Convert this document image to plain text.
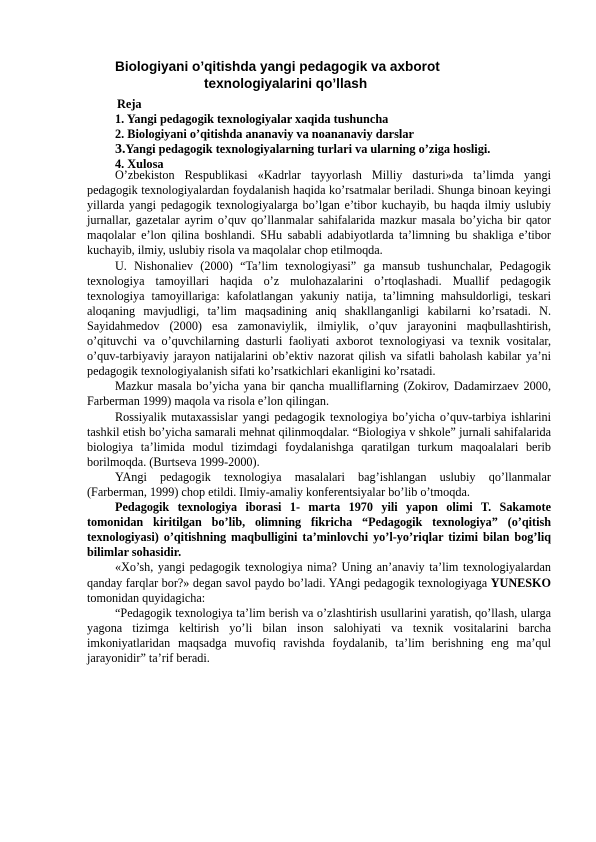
Biologiyani o’qitishda yangi pedagogik va axborot
texnologiyalarini qo’llash
Reja
1. Yangi pedagogik texnologiyalar xaqida tushuncha
2. Biologiyani o’qitishda ananaviy va noananaviy darslar
3.Yangi pedagogik texnologiyalarning turlari va ularning o’ziga hosligi.
4. Xulosa

O’zbekiston Respublikasi «Kadrlar tayyorlash Milliy dasturi»da ta’limda yangi pedagogik texnologiyalardan foydalanish haqida ko’rsatmalar beriladi. Shunga binoan keyingi yillarda yangi pedagogik texnologiyalarga bo’lgan e’tibor kuchayib, bu haqda ilmiy uslubiy jurnallar, gazetalar ayrim o’quv qo’llanmalar sahifalarida mazkur masala bo’yicha bir qator maqolalar e’lon qilina boshlandi. SHu sababli adabiyotlarda ta’limning bu shakliga e’tibor kuchayib, ilmiy, uslubiy risola va maqolalar chop etilmoqda.

U. Nishonaliev (2000) “Ta’lim texnologiyasi” ga mansub tushunchalar, Pedagogik texnologiya tamoyillari haqida o’z mulohazalarini o’rtoqlashadi. Muallif pedagogik texnologiya tamoyillariga: kafolatlangan yakuniy natija, ta’limning mahsuldorligi, teskari aloqaning mavjudligi, ta’lim maqsadining aniq shakllanganligi kabilarni ko’rsatadi. N. Sayidahmedov (2000) esa zamonaviylik, ilmiylik, o’quv jarayonini maqbullashtirish, o’qituvchi va o’quvchilarning dasturli faoliyati axborot texnologiyasi va texnik vositalar, o’quv-tarbiyaviy jarayon natijalarini ob’ektiv nazorat qilish va sifatli baholash kabilar ya’ni pedagogik texnologiyalanish sifati ko’rsatkichlari ekanligini ko’rsatadi.

Mazkur masala bo’yicha yana bir qancha mualliflarning (Zokirov, Dadamirzaev 2000, Farberman 1999) maqola va risola e’lon qilingan.

Rossiyalik mutaxassislar yangi pedagogik texnologiya bo’yicha o’quv-tarbiya ishlarini tashkil etish bo’yicha samarali mehnat qilinmoqdalar. “Biologiya v shkole” jurnali sahifalarida biologiya ta’limida modul tizimdagi foydalanishga qaratilgan turkum maqoalalari berib borilmoqda. (Burtseva 1999-2000).

YAngi pedagogik texnologiya masalalari bag’ishlangan uslubiy qo’llanmalar (Farberman, 1999) chop etildi. Ilmiy-amaliy konferentsiyalar bo’lib o’tmoqda.

Pedagogik texnologiya iborasi 1- marta 1970 yili yapon olimi T. Sakamote tomonidan kiritilgan bo’lib, olimning fikricha “Pedagogik texnologiya” (o’qitish texnologiyasi) o’qitishning maqbulligini ta’minlovchi yo’l-yo’riqlar tizimi bilan bog’liq bilimlar sohasidir.

«Xo’sh, yangi pedagogik texnologiya nima? Uning an’anaviy ta’lim texnologiyalardan qanday farqlar bor?» degan savol paydo bo’ladi. YAngi pedagogik texnologiyaga YUNESKO tomonidan quyidagicha:

“Pedagogik texnologiya ta’lim berish va o’zlashtirish usullarini yaratish, qo’llash, ularga yagona tizimga keltirish yo’li bilan inson salohiyati va texnik vositalarini barcha imkoniyatlaridan maqsadga muvofiq ravishda foydalanib, ta’lim berishning eng ma’qul jarayonidir” ta’rif beradi.
